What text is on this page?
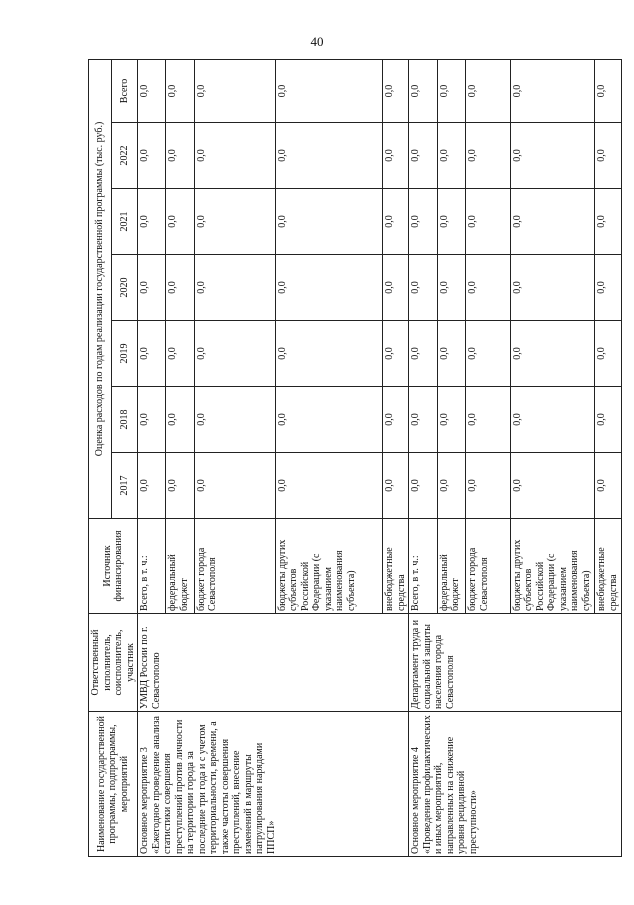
40
Наименование государственной программы, подпрограммы, мероприятий	Ответственный исполнитель, соисполнитель, участник	Источник финансирования	Оценка расходов по годам реализации государственной программы (тыс. руб.)						
			2017	2018	2019	2020	2021	2022	Всего
Основное мероприятие 3 «Ежегодное проведение анализа статистики совершения преступлений против личности на территории города за последние три года и с учетом территориальности, времени, а также частоты совершения преступлений, внесение изменений в маршруты патрулирования нарядами ППСП»	УМВД России по г. Севастополю	Всего, в т. ч.:	0,0	0,0	0,0	0,0	0,0	0,0	0,0
		федеральный бюджет	0,0	0,0	0,0	0,0	0,0	0,0	0,0
		бюджет города Севастополя	0,0	0,0	0,0	0,0	0,0	0,0	0,0
		бюджеты других субъектов Российской Федерации (с указанием наименования субъекта)	0,0	0,0	0,0	0,0	0,0	0,0	0,0
		внебюджетные средства	0,0	0,0	0,0	0,0	0,0	0,0	0,0
Основное мероприятие 4 «Проведение профилактических и иных мероприятий, направленных на снижение уровня рецидивной преступности»	Департамент труда и социальной защиты населения города Севастополя	Всего, в т. ч.:	0,0	0,0	0,0	0,0	0,0	0,0	0,0
		федеральный бюджет	0,0	0,0	0,0	0,0	0,0	0,0	0,0
		бюджет города Севастополя	0,0	0,0	0,0	0,0	0,0	0,0	0,0
		бюджеты других субъектов Российской Федерации (с указанием наименования субъекта)	0,0	0,0	0,0	0,0	0,0	0,0	0,0
		внебюджетные средства	0,0	0,0	0,0	0,0	0,0	0,0	0,0
